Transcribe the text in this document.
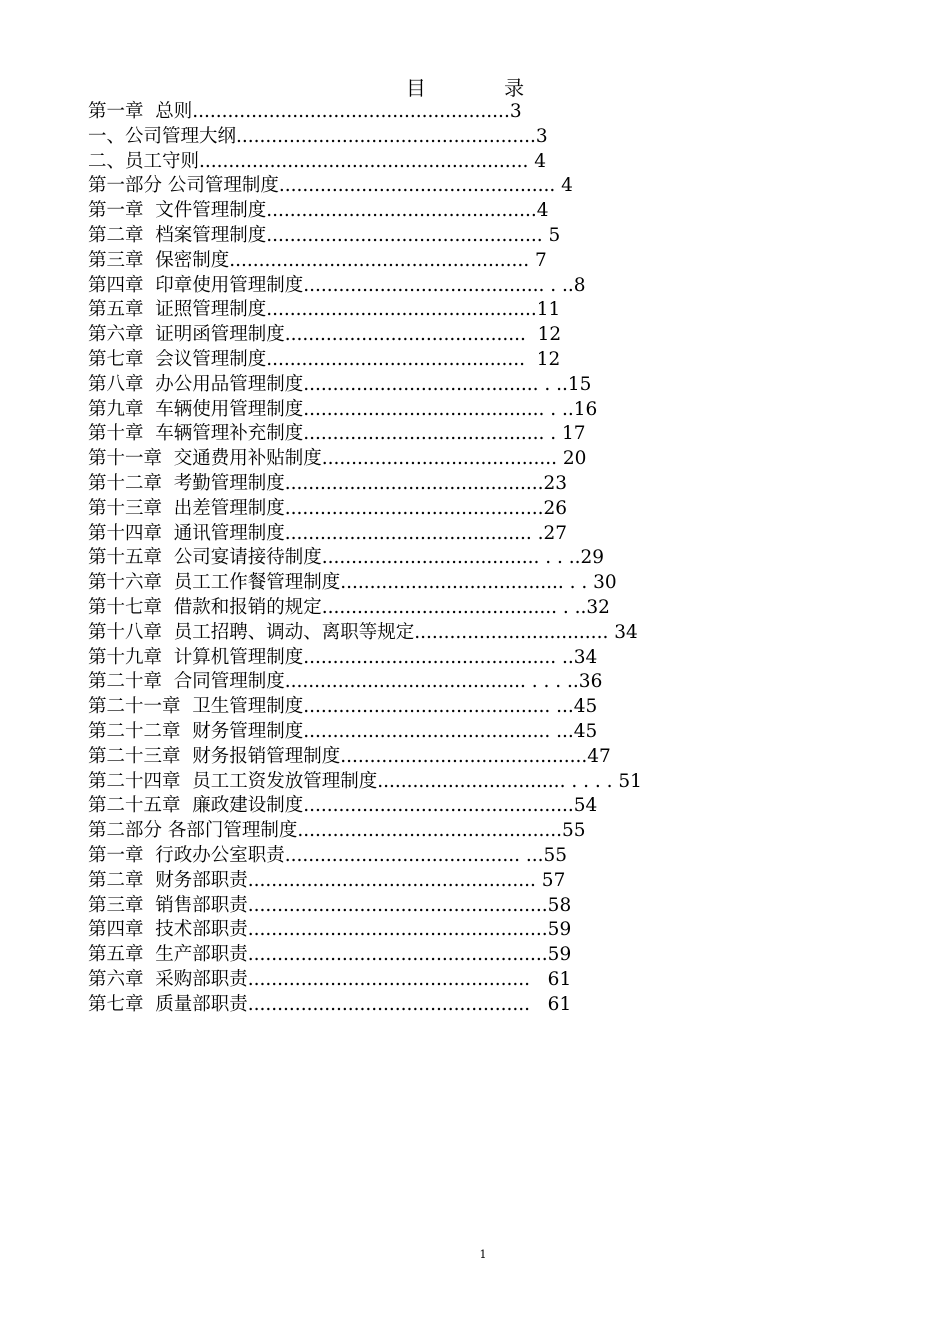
目 录
第一章  总则......................................................3
一、公司管理大纲...................................................3
二、员工守则........................................................ 4
第一部分 公司管理制度............................................... 4
第一章  文件管理制度..............................................4
第二章  档案管理制度............................................... 5
第三章  保密制度................................................... 7
第四章  印章使用管理制度......................................... . ..8
第五章  证照管理制度..............................................11
第六章  证明函管理制度.........................................  12
第七章  会议管理制度............................................  12
第八章  办公用品管理制度........................................ . ..15
第九章  车辆使用管理制度......................................... . ..16
第十章  车辆管理补充制度......................................... . 17
第十一章  交通费用补贴制度........................................ 20
第十二章  考勤管理制度............................................23
第十三章  出差管理制度............................................26
第十四章  通讯管理制度.......................................... .27
第十五章  公司宴请接待制度..................................... . . ..29
第十六章  员工工作餐管理制度...................................... . . 30
第十七章  借款和报销的规定........................................ . ..32
第十八章  员工招聘、调动、离职等规定................................. 34
第十九章  计算机管理制度........................................... ..34
第二十章  合同管理制度......................................... . . . ..36
第二十一章  卫生管理制度.......................................... ...45
第二十二章  财务管理制度.......................................... ...45
第二十三章  财务报销管理制度..........................................47
第二十四章  员工工资发放管理制度................................ . . . . 51
第二十五章  廉政建设制度..............................................54
第二部分 各部门管理制度.............................................55
第一章  行政办公室职责........................................ ...55
第二章  财务部职责................................................. 57
第三章  销售部职责...................................................58
第四章  技术部职责...................................................59
第五章  生产部职责...................................................59
第六章  采购部职责................................................   61
第七章  质量部职责................................................   61
1
